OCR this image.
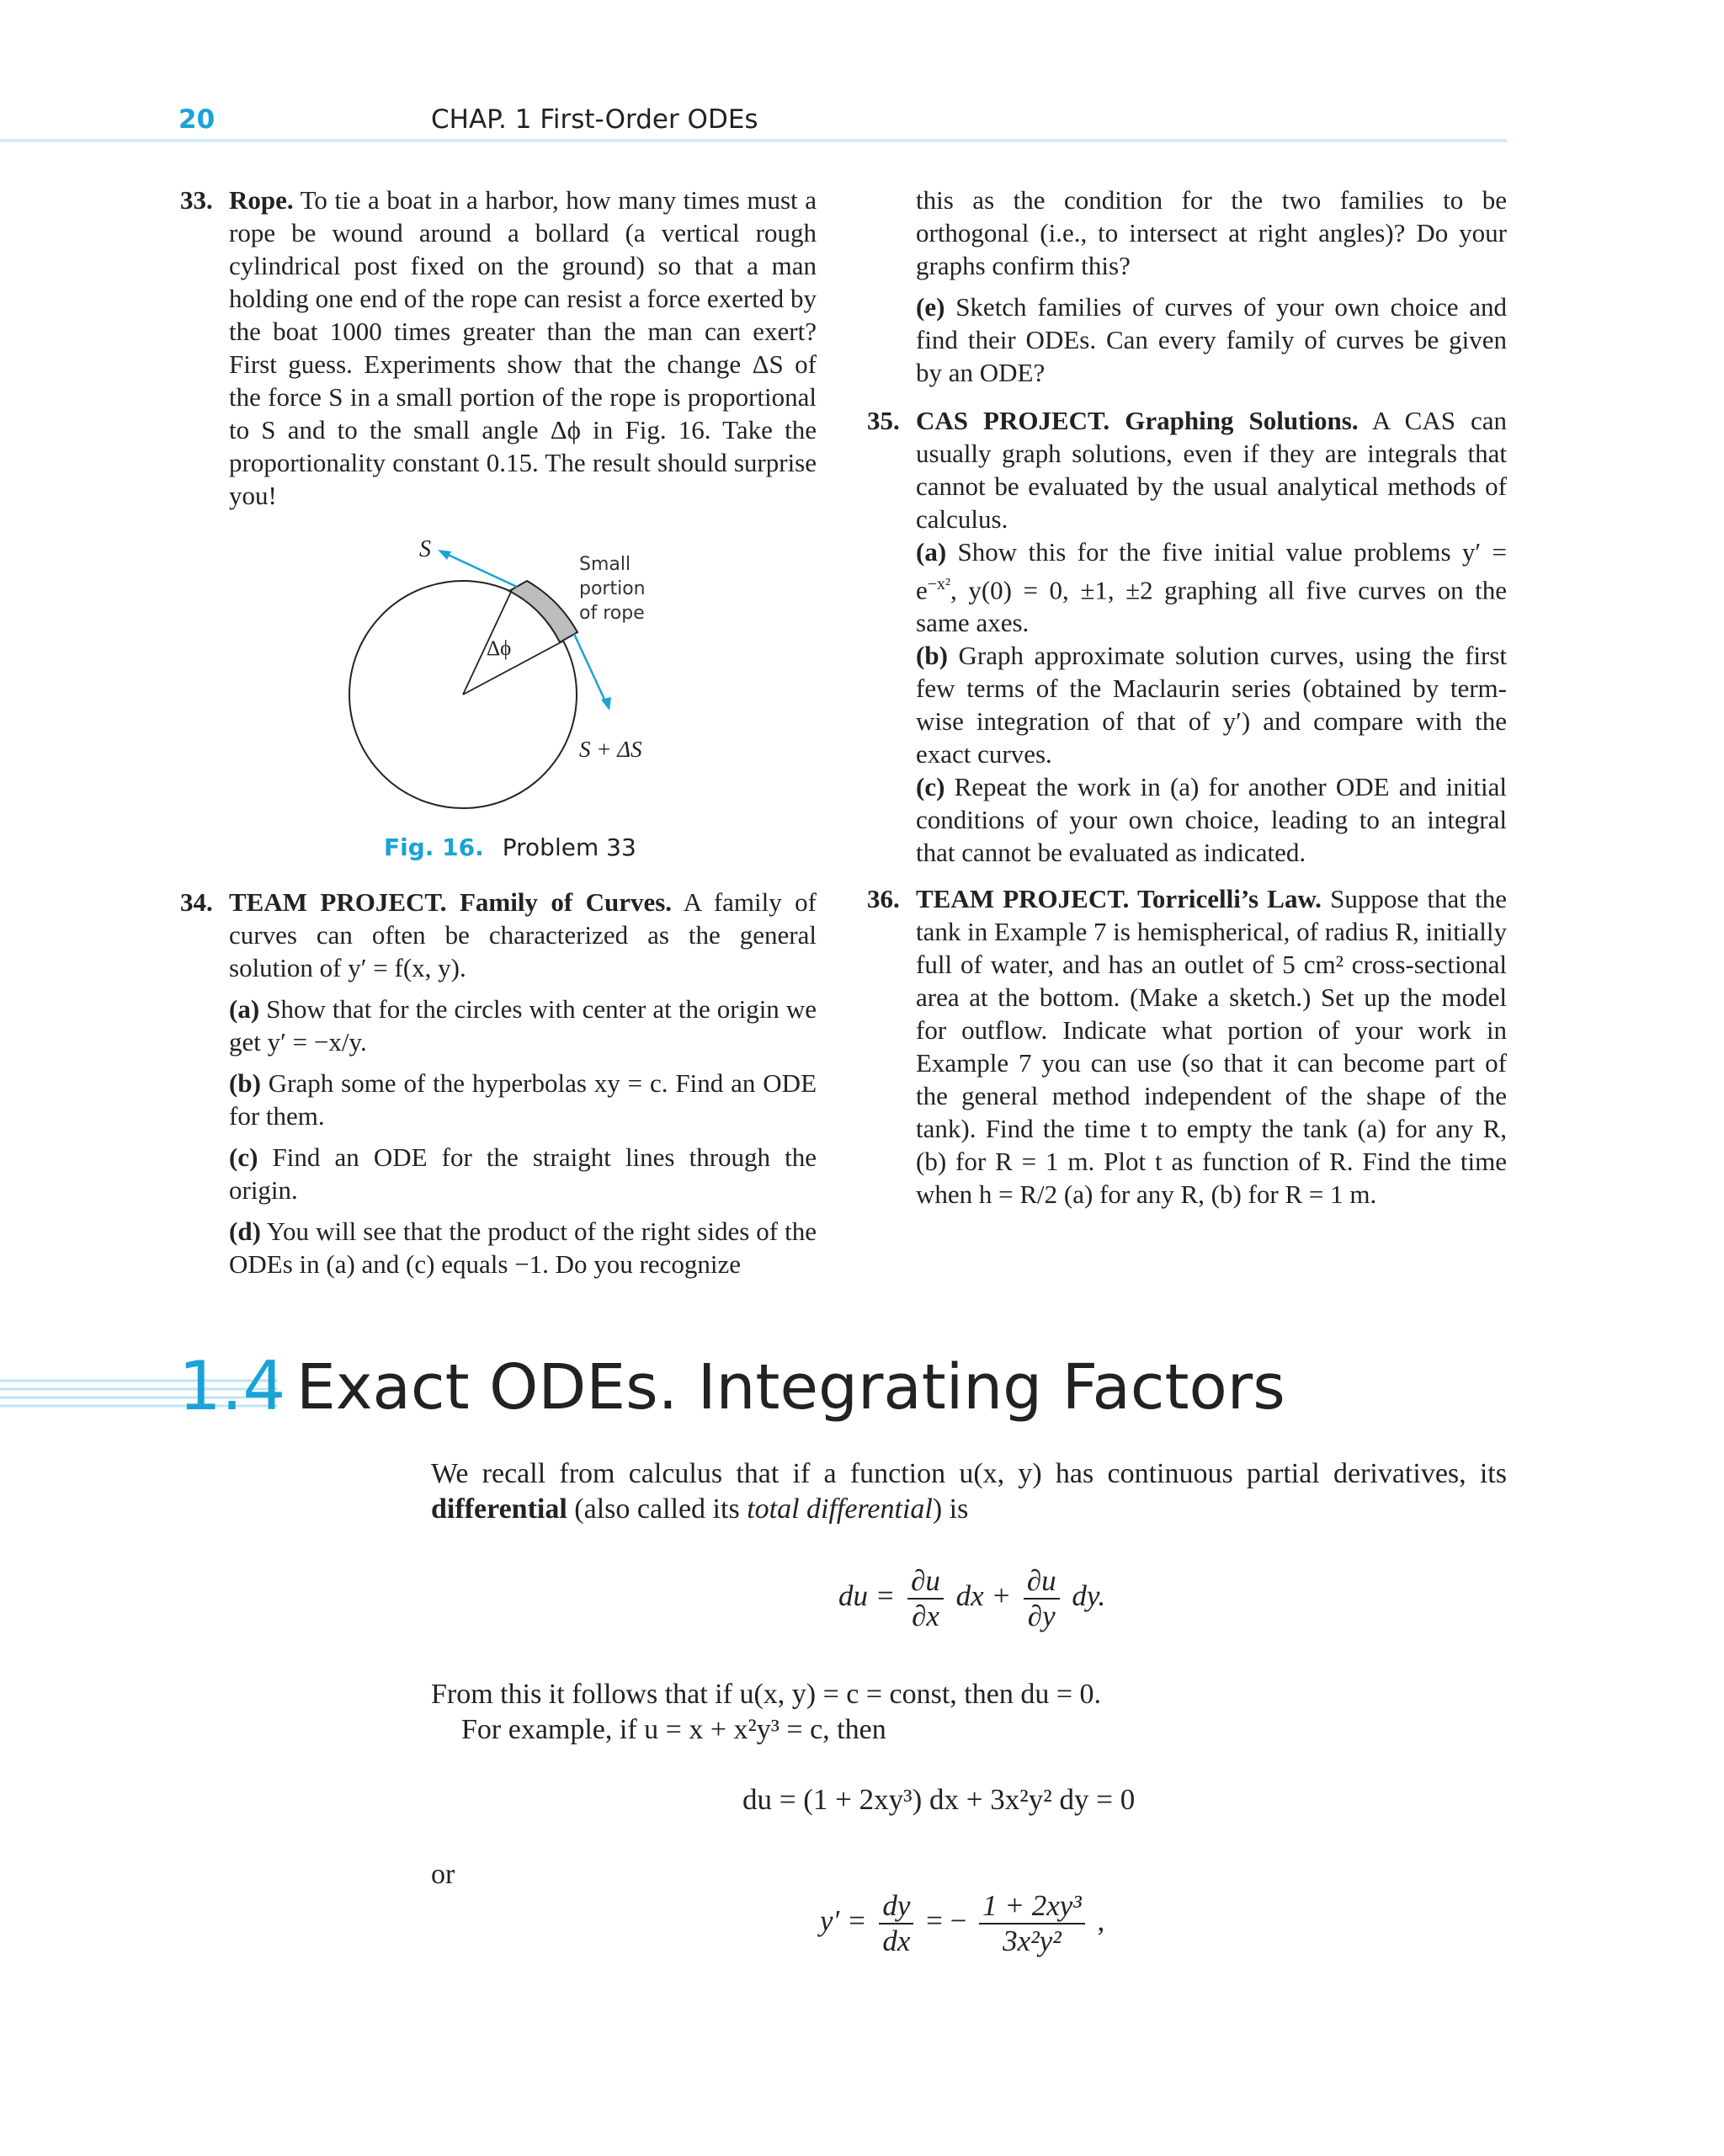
20	CHAP. 1 First-Order ODEs

33. Rope. To tie a boat in a harbor, how many times must a rope be wound around a bollard (a vertical rough cylindrical post fixed on the ground) so that a man holding one end of the rope can resist a force exerted by the boat 1000 times greater than the man can exert? First guess. Experiments show that the change ΔS of the force S in a small portion of the rope is proportional to S and to the small angle Δϕ in Fig. 16. Take the proportionality constant 0.15. The result should surprise you!

S
Δϕ
S + ΔS
Small
portion
of rope
Fig. 16. Problem 33

34. TEAM PROJECT. Family of Curves. A family of curves can often be characterized as the general solution of y′ = f(x, y).

(a) Show that for the circles with center at the origin we get y′ = −x/y.

(b) Graph some of the hyperbolas xy = c. Find an ODE for them.

(c) Find an ODE for the straight lines through the origin.

(d) You will see that the product of the right sides of the ODEs in (a) and (c) equals −1. Do you recognize

this as the condition for the two families to be orthogonal (i.e., to intersect at right angles)? Do your graphs confirm this?

(e) Sketch families of curves of your own choice and find their ODEs. Can every family of curves be given by an ODE?

35. CAS PROJECT. Graphing Solutions. A CAS can usually graph solutions, even if they are integrals that cannot be evaluated by the usual analytical methods of calculus.

(a) Show this for the five initial value problems $y' = e^{-x^2}$, y(0) = 0, ±1, ±2 graphing all five curves on the same axes.

(b) Graph approximate solution curves, using the first few terms of the Maclaurin series (obtained by term-wise integration of that of y′) and compare with the exact curves.

(c) Repeat the work in (a) for another ODE and initial conditions of your own choice, leading to an integral that cannot be evaluated as indicated.

36. TEAM PROJECT. Torricelli’s Law. Suppose that the tank in Example 7 is hemispherical, of radius R, initially full of water, and has an outlet of 5 cm² cross-sectional area at the bottom. (Make a sketch.) Set up the model for outflow. Indicate what portion of your work in Example 7 you can use (so that it can become part of the general method independent of the shape of the tank). Find the time t to empty the tank (a) for any R, (b) for R = 1 m. Plot t as function of R. Find the time when h = R/2 (a) for any R, (b) for R = 1 m.

1.4 Exact ODEs. Integrating Factors
We recall from calculus that if a function u(x, y) has continuous partial derivatives, its differential (also called its total differential) is
du = $\frac{\partial u}{\partial x}$ dx + $\frac{\partial u}{\partial y}$ dy.
From this it follows that if u(x, y) = c = const, then du = 0.
For example, if u = x + x²y³ = c, then
du = (1 + 2xy³) dx + 3x²y² dy = 0
or
$y' = \frac{dy}{dx}$ = − $\frac{\text{1 + 2xy³}}{\text{3x²y²}}$ ,
